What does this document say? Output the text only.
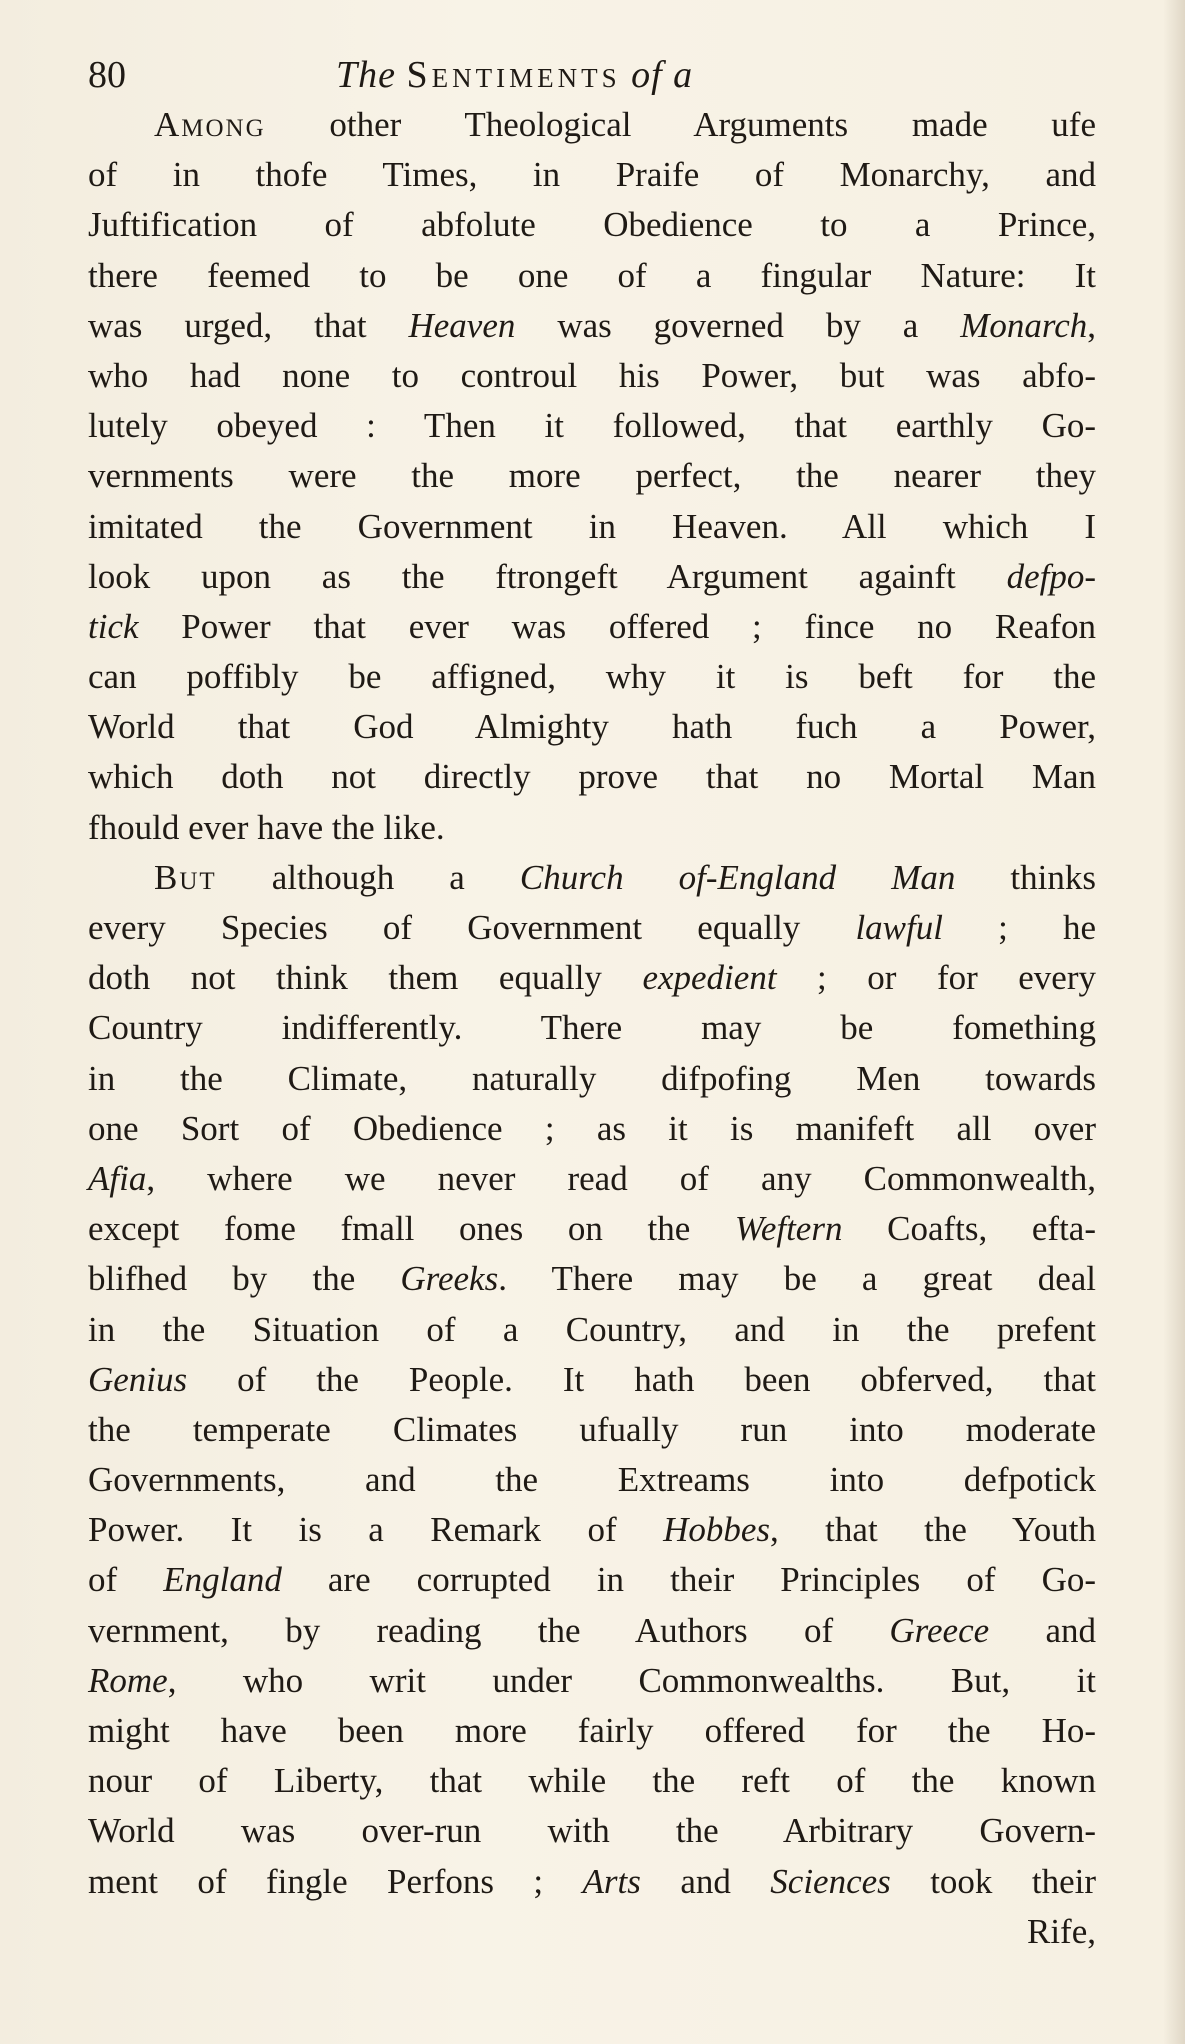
80	The Sentiments of a
Among other Theological Arguments made ufe
of in thofe Times, in Praife of Monarchy, and
Juftification of abfolute Obedience to a Prince,
there feemed to be one of a fingular Nature: It
was urged, that Heaven was governed by a Monarch,
who had none to controul his Power, but was abfo-
lutely obeyed : Then it followed, that earthly Go-
vernments were the more perfect, the nearer they
imitated the Government in Heaven. All which I
look upon as the ftrongeft Argument againft defpo-
tick Power that ever was offered ; fince no Reafon
can poffibly be affigned, why it is beft for the
World that God Almighty hath fuch a Power,
which doth not directly prove that no Mortal Man
fhould ever have the like.
But although a Church of-England Man thinks
every Species of Government equally lawful ; he
doth not think them equally expedient ; or for every
Country indifferently. There may be fomething
in the Climate, naturally difpofing Men towards
one Sort of Obedience ; as it is manifeft all over
Afia, where we never read of any Commonwealth,
except fome fmall ones on the Weftern Coafts, efta-
blifhed by the Greeks. There may be a great deal
in the Situation of a Country, and in the prefent
Genius of the People. It hath been obferved, that
the temperate Climates ufually run into moderate
Governments, and the Extreams into defpotick
Power. It is a Remark of Hobbes, that the Youth
of England are corrupted in their Principles of Go-
vernment, by reading the Authors of Greece and
Rome, who writ under Commonwealths. But, it
might have been more fairly offered for the Ho-
nour of Liberty, that while the reft of the known
World was over-run with the Arbitrary Govern-
ment of fingle Perfons ; Arts and Sciences took their
Rife,
